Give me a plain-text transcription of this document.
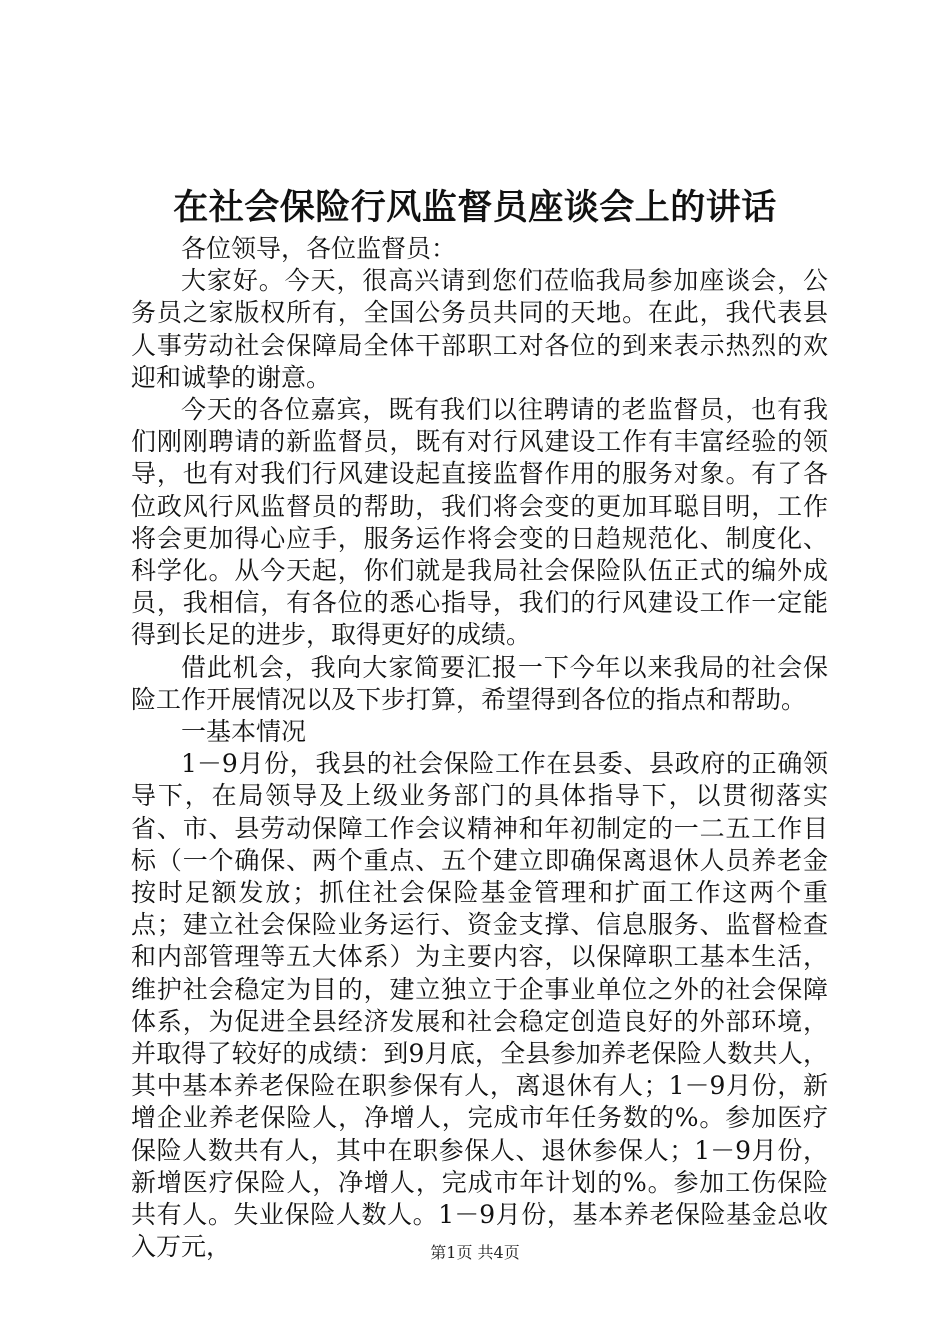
在社会保险行风监督员座谈会上的讲话

各位领导，各位监督员：

大家好。今天，很高兴请到您们莅临我局参加座谈会，公务员之家版权所有，全国公务员共同的天地。在此，我代表县人事劳动社会保障局全体干部职工对各位的到来表示热烈的欢迎和诚挚的谢意。

今天的各位嘉宾，既有我们以往聘请的老监督员，也有我们刚刚聘请的新监督员，既有对行风建设工作有丰富经验的领导，也有对我们行风建设起直接监督作用的服务对象。有了各位政风行风监督员的帮助，我们将会变的更加耳聪目明，工作将会更加得心应手，服务运作将会变的日趋规范化、制度化、科学化。从今天起，你们就是我局社会保险队伍正式的编外成员，我相信，有各位的悉心指导，我们的行风建设工作一定能得到长足的进步，取得更好的成绩。

借此机会，我向大家简要汇报一下今年以来我局的社会保险工作开展情况以及下步打算，希望得到各位的指点和帮助。

一基本情况

1－9月份，我县的社会保险工作在县委、县政府的正确领导下，在局领导及上级业务部门的具体指导下，以贯彻落实省、市、县劳动保障工作会议精神和年初制定的一二五工作目标（一个确保、两个重点、五个建立即确保离退休人员养老金按时足额发放；抓住社会保险基金管理和扩面工作这两个重点；建立社会保险业务运行、资金支撑、信息服务、监督检查和内部管理等五大体系）为主要内容，以保障职工基本生活，维护社会稳定为目的，建立独立于企事业单位之外的社会保障体系，为促进全县经济发展和社会稳定创造良好的外部环境，并取得了较好的成绩：到9月底，全县参加养老保险人数共人，其中基本养老保险在职参保有人，离退休有人；1－9月份，新增企业养老保险人，净增人，完成市年任务数的%。参加医疗保险人数共有人，其中在职参保人、退休参保人；1－9月份，新增医疗保险人，净增人，完成市年计划的%。参加工伤保险共有人。失业保险人数人。1－9月份，基本养老保险基金总收入万元，	第1页 共4页
